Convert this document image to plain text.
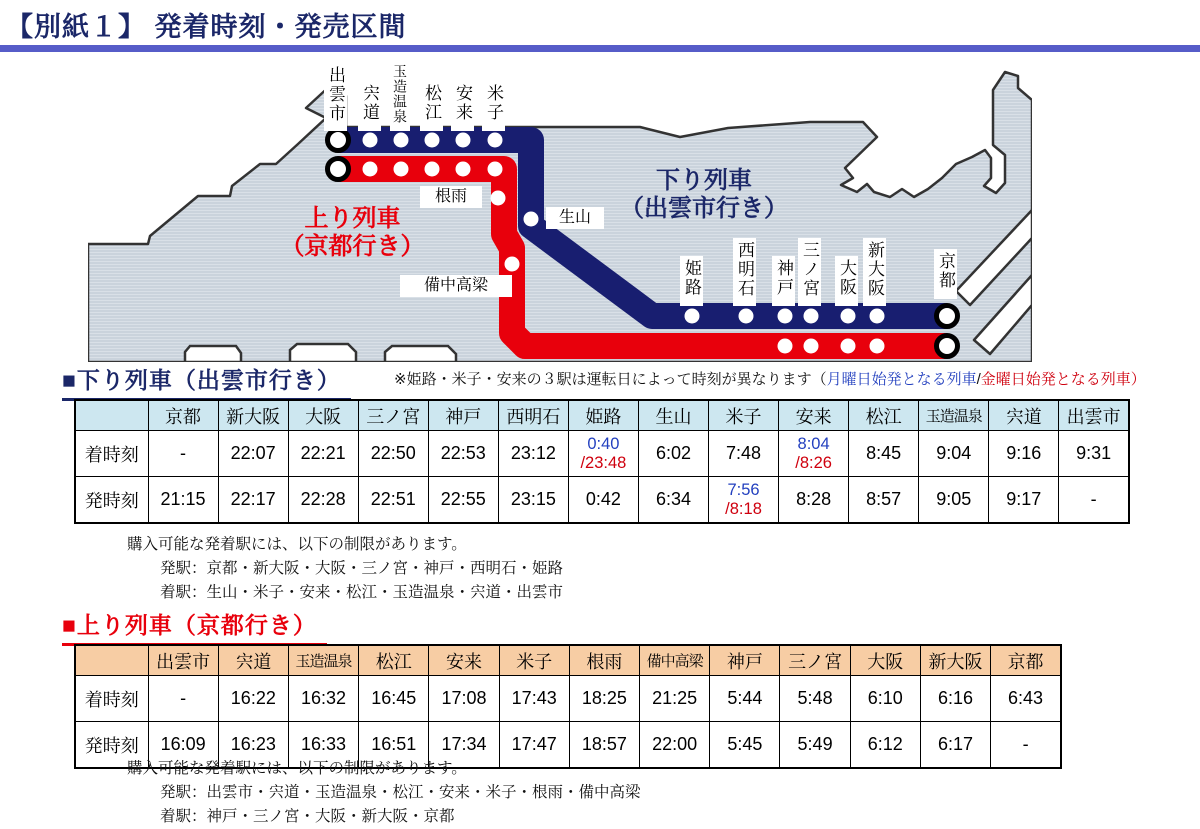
【別紙１】 発着時刻・発売区間
出雲市 宍道 玉造温泉 松江 安来 米子
根雨
生山
備中高梁	姫路 西明石 神戸 三ノ宮 大阪 新大阪	京都
上り列車
（京都行き）
下り列車
（出雲市行き）
■下り列車（出雲市行き）	※姫路・米子・安来の３駅は運転日によって時刻が異なります（月曜日始発となる列車/金曜日始発となる列車）
	京都	新大阪	大阪	三ノ宮	神戸	西明石	姫路	生山	米子	安来	松江	玉造温泉	宍道	出雲市
着時刻	-	22:07	22:21	22:50	22:53	23:12	0:40
/23:48	6:02	7:48	8:04
/8:26	8:45	9:04	9:16	9:31
発時刻	21:15	22:17	22:28	22:51	22:55	23:15	0:42	6:34	7:56
/8:18	8:28	8:57	9:05	9:17	-
購入可能な発着駅には、以下の制限があります。
発駅：京都・新大阪・大阪・三ノ宮・神戸・西明石・姫路
着駅：生山・米子・安来・松江・玉造温泉・宍道・出雲市
■上り列車（京都行き）
	出雲市	宍道	玉造温泉	松江	安来	米子	根雨	備中高梁	神戸	三ノ宮	大阪	新大阪	京都
着時刻	-	16:22	16:32	16:45	17:08	17:43	18:25	21:25	5:44	5:48	6:10	6:16	6:43
発時刻	16:09	16:23	16:33	16:51	17:34	17:47	18:57	22:00	5:45	5:49	6:12	6:17	-
購入可能な発着駅には、以下の制限があります。
発駅：出雲市・宍道・玉造温泉・松江・安来・米子・根雨・備中高梁
着駅：神戸・三ノ宮・大阪・新大阪・京都
